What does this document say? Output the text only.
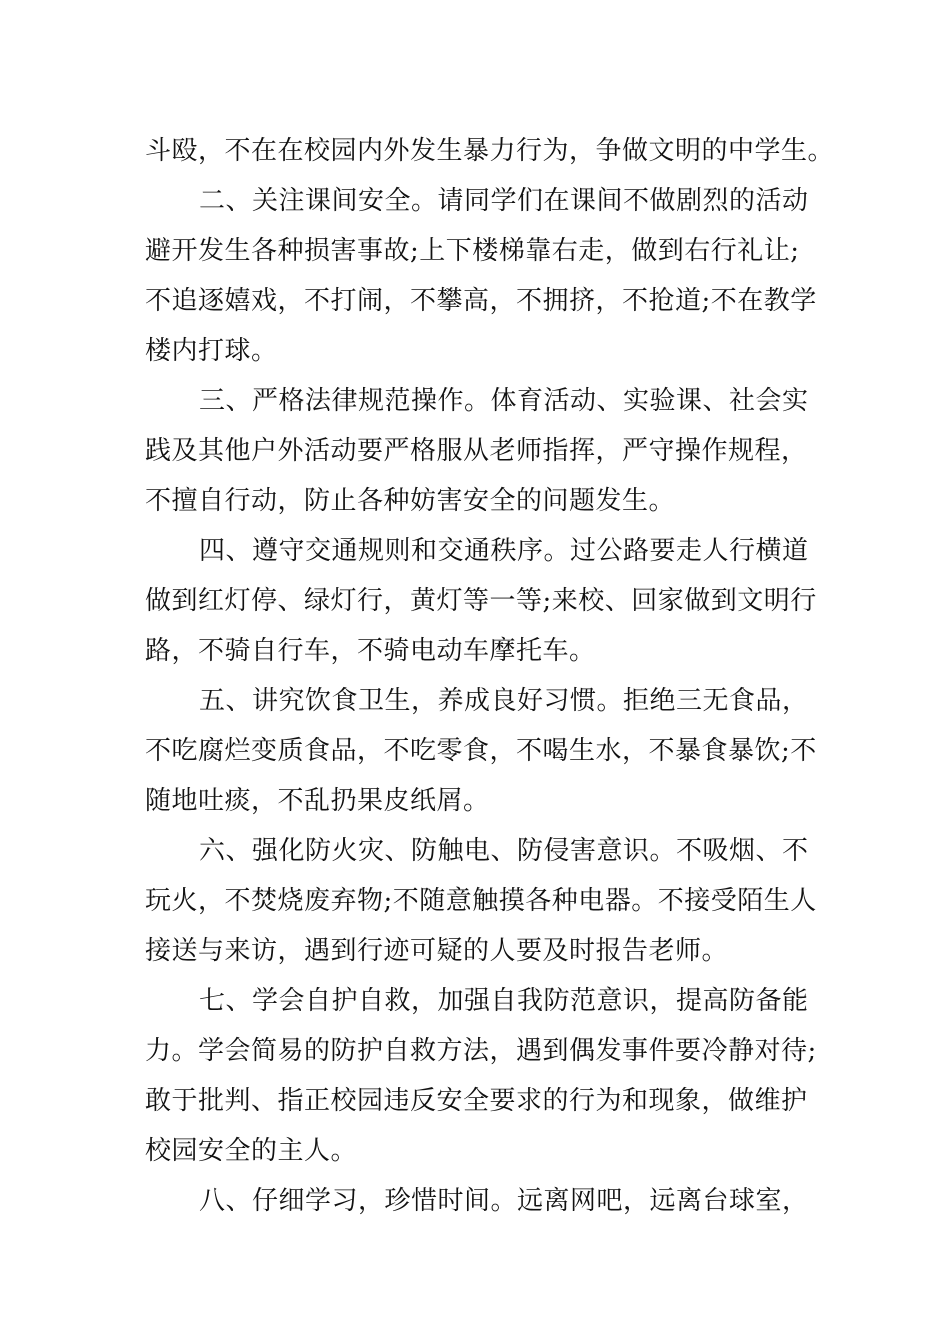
斗殴，不在在校园内外发生暴力行为，争做文明的中学生。
二、关注课间安全。请同学们在课间不做剧烈的活动
避开发生各种损害事故;上下楼梯靠右走，做到右行礼让;
不追逐嬉戏，不打闹，不攀高，不拥挤，不抢道;不在教学
楼内打球。
三、严格法律规范操作。体育活动、实验课、社会实
践及其他户外活动要严格服从老师指挥，严守操作规程，
不擅自行动，防止各种妨害安全的问题发生。
四、遵守交通规则和交通秩序。过公路要走人行横道
做到红灯停、绿灯行，黄灯等一等;来校、回家做到文明行
路，不骑自行车，不骑电动车摩托车。
五、讲究饮食卫生，养成良好习惯。拒绝三无食品，
不吃腐烂变质食品，不吃零食，不喝生水，不暴食暴饮;不
随地吐痰，不乱扔果皮纸屑。
六、强化防火灾、防触电、防侵害意识。不吸烟、不
玩火，不焚烧废弃物;不随意触摸各种电器。不接受陌生人
接送与来访，遇到行迹可疑的人要及时报告老师。
七、学会自护自救，加强自我防范意识，提高防备能
力。学会简易的防护自救方法，遇到偶发事件要冷静对待;
敢于批判、指正校园违反安全要求的行为和现象，做维护
校园安全的主人。
八、仔细学习，珍惜时间。远离网吧，远离台球室，
